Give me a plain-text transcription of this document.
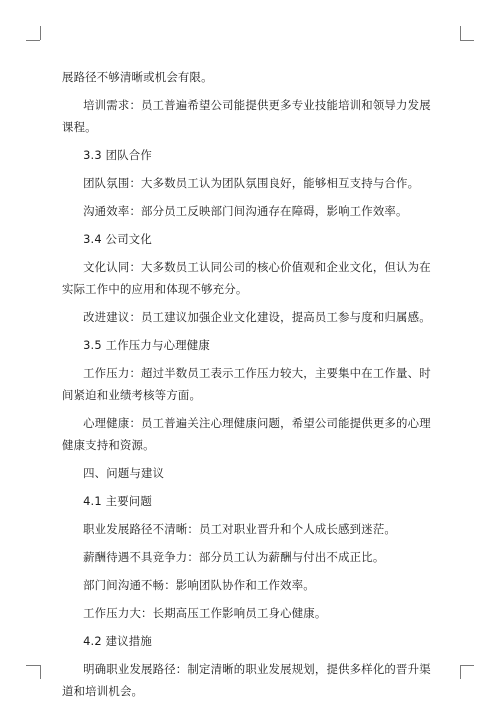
展路径不够清晰或机会有限。

培训需求：员工普遍希望公司能提供更多专业技能培训和领导力发展课程。

3.3 团队合作

团队氛围：大多数员工认为团队氛围良好，能够相互支持与合作。

沟通效率：部分员工反映部门间沟通存在障碍，影响工作效率。

3.4 公司文化

文化认同：大多数员工认同公司的核心价值观和企业文化，但认为在实际工作中的应用和体现不够充分。

改进建议：员工建议加强企业文化建设，提高员工参与度和归属感。

3.5 工作压力与心理健康

工作压力：超过半数员工表示工作压力较大，主要集中在工作量、时间紧迫和业绩考核等方面。

心理健康：员工普遍关注心理健康问题，希望公司能提供更多的心理健康支持和资源。

四、问题与建议

4.1 主要问题

职业发展路径不清晰：员工对职业晋升和个人成长感到迷茫。

薪酬待遇不具竞争力：部分员工认为薪酬与付出不成正比。

部门间沟通不畅：影响团队协作和工作效率。

工作压力大：长期高压工作影响员工身心健康。

4.2 建议措施

明确职业发展路径：制定清晰的职业发展规划，提供多样化的晋升渠道和培训机会。
